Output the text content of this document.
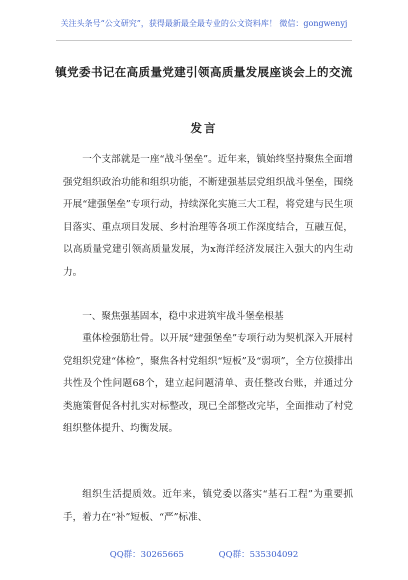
关注头条号“公文研究”，获得最新最全最专业的公文资料库！ 微信：gongwenyj
镇党委书记在高质量党建引领高质量发展座谈会上的交流
发言

一个支部就是一座“战斗堡垒”。近年来，镇始终坚持聚焦全面增强党组织政治功能和组织功能，不断建强基层党组织战斗堡垒，围绕开展“建强堡垒”专项行动，持续深化实施三大工程，将党建与民生项目落实、重点项目发展、乡村治理等各项工作深度结合，互融互促，以高质量党建引领高质量发展，为x海洋经济发展注入强大的内生动力。

一、聚焦强基固本，稳中求进筑牢战斗堡垒根基

重体检强筋壮骨。以开展“建强堡垒”专项行动为契机深入开展村党组织党建“体检”，聚焦各村党组织“短板”及“弱项”，全方位摸排出共性及个性问题68个，建立起问题清单、责任整改台账，并通过分类施策督促各村扎实对标整改，现已全部整改完毕，全面推动了村党组织整体提升、均衡发展。

组织生活提质效。近年来，镇党委以落实“基石工程”为重要抓手，着力在“补”短板、“严”标准、

QQ群：30265665	QQ群：535304092
